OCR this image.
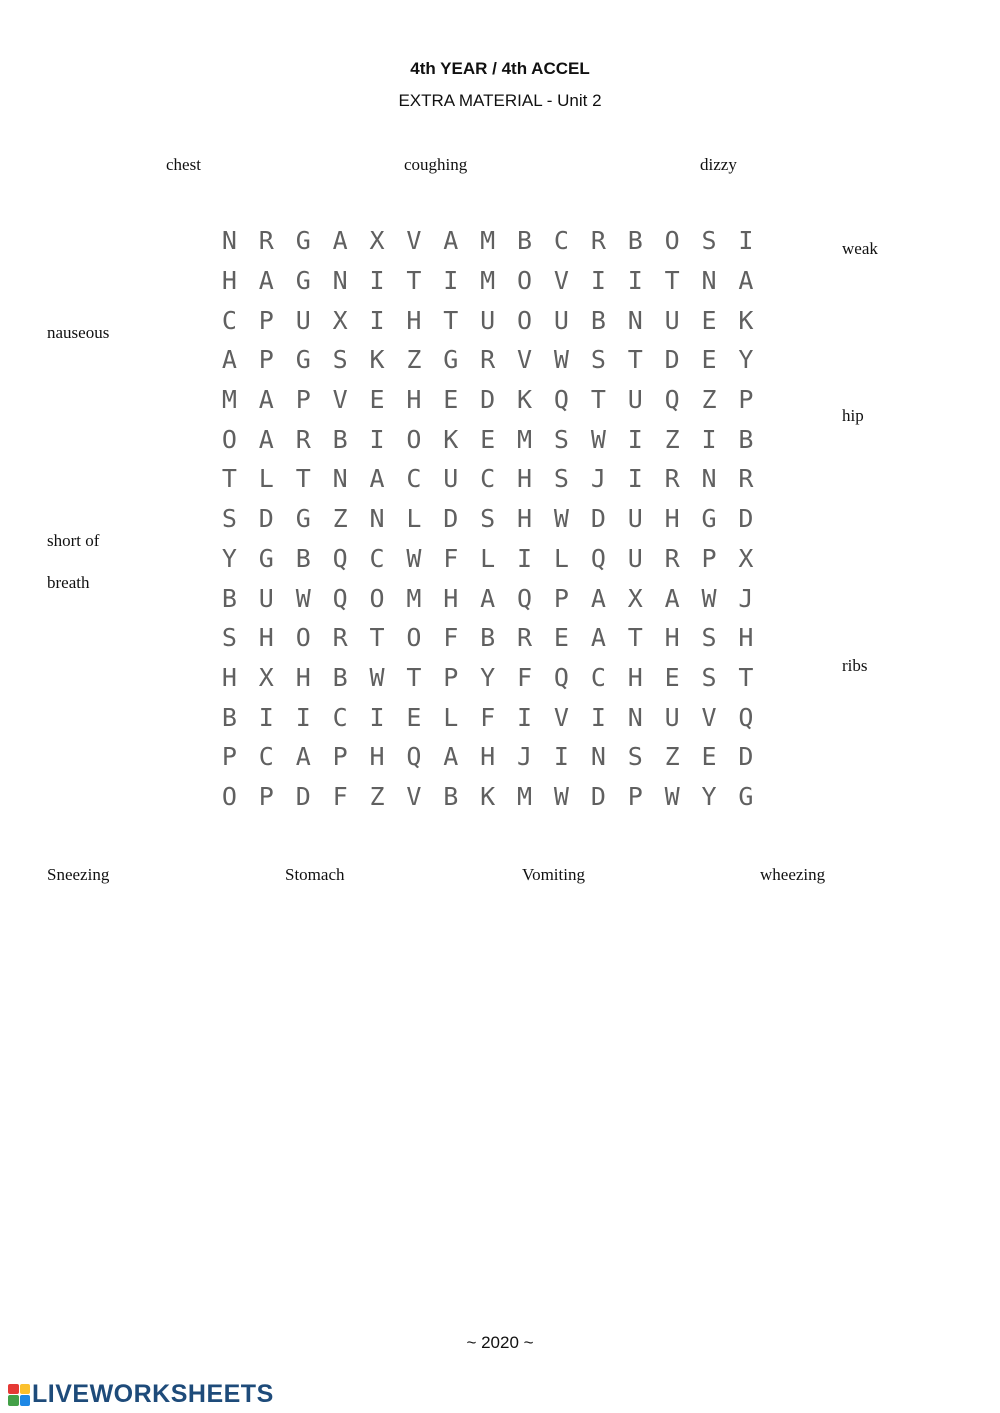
4th YEAR / 4th ACCEL
EXTRA MATERIAL - Unit 2
chest	coughing	dizzy
weak
nauseous
hip
short of
breath
ribs
Sneezing	Stomach	Vomiting	wheezing
N R G A X V A M B C R B O S I
H A G N I T I M O V I I T N A
C P U X I H T U O U B N U E K
A P G S K Z G R V W S T D E Y
M A P V E H E D K Q T U Q Z P
O A R B I O K E M S W I Z I B
T L T N A C U C H S J I R N R
S D G Z N L D S H W D U H G D
Y G B Q C W F L I L Q U R P X
B U W Q O M H A Q P A X A W J
S H O R T O F B R E A T H S H
H X H B W T P Y F Q C H E S T
B I I C I E L F I V I N U V Q
P C A P H Q A H J I N S Z E D
O P D F Z V B K M W D P W Y G
~ 2020 ~
LIVEWORKSHEETS
